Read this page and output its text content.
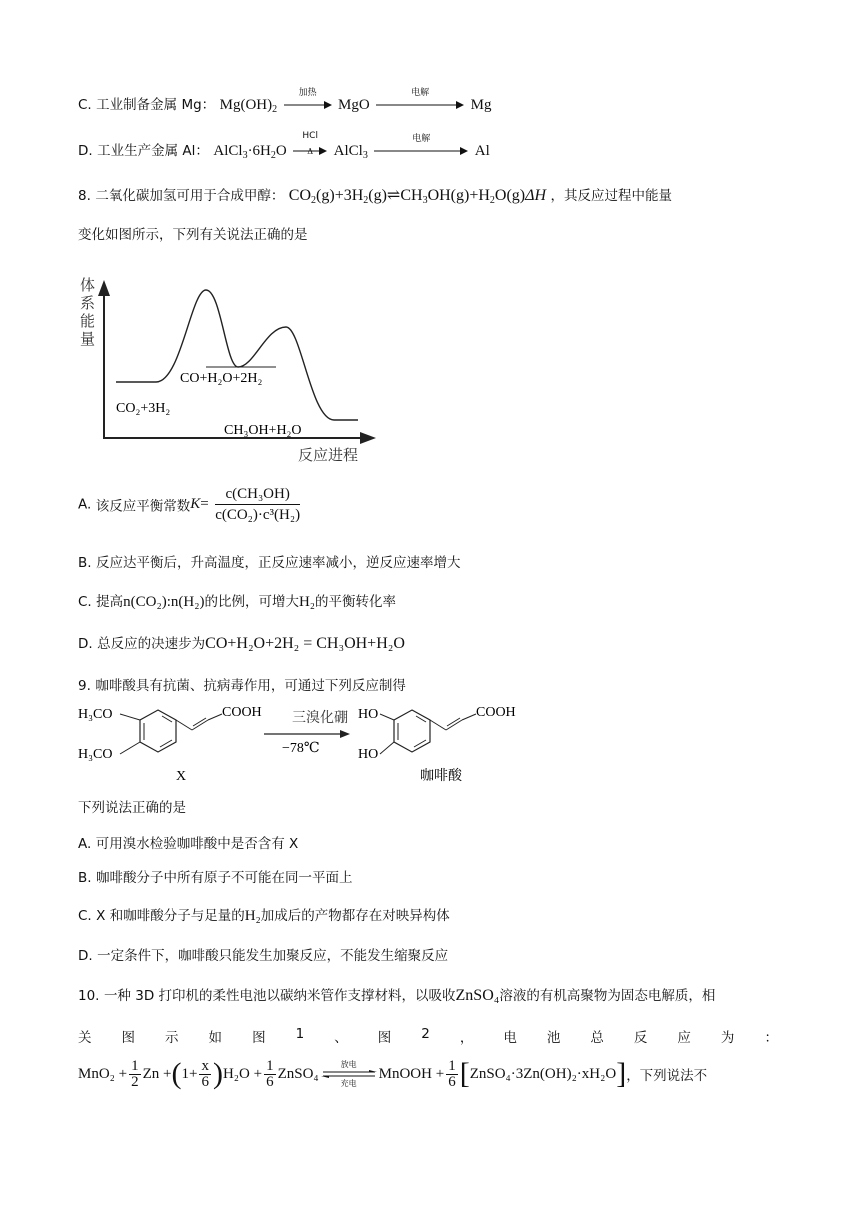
C. 工业制备金属 Mg： $Mg(OH)_2$
加热
MgO
电解
Mg
D. 工业生产金属 Al： $AlCl_3\cdot 6H_2O$
HCl
Δ	AlCl$_3$
电解
Al
8. 二氧化碳加氢可用于合成甲醇： $CO_2(g)+3H_2(g)\rightleftharpoons CH_3OH(g)+H_2O(g)\Delta H$ ，其反应过程中能量
变化如图所示，下列有关说法正确的是
体
系
能
量
CO₂+3H₂
CO+H₂O+2H₂
CH₃OH+H₂O
反应进程
A. 该反应平衡常数$K= \frac{\text{c(CH₃OH)}}{\text{c(CO₂)·c³(H₂)}}$
B. 反应达平衡后，升高温度，正反应速率减小，逆反应速率增大
C. 提高n(CO₂):n(H₂)的比例，可增大H₂的平衡转化率
D. 总反应的决速步为CO+H₂O+2H₂ = CH₃OH+H₂O
9. 咖啡酸具有抗菌、抗病毒作用，可通过下列反应制得
H₃CO
H₃CO
COOH
X
三溴化硼
−78℃
HO
HO
COOH
咖啡酸
下列说法正确的是
A. 可用溴水检验咖啡酸中是否含有 X
B. 咖啡酸分子中所有原子不可能在同一平面上
C. X 和咖啡酸分子与足量的H₂加成后的产物都存在对映异构体
D. 一定条件下，咖啡酸只能发生加聚反应，不能发生缩聚反应
10. 一种 3D 打印机的柔性电池以碳纳米管作支撑材料，以吸收ZnSO₄溶液的有机高聚物为固态电解质，相
关 图 示 如 图 1 、 图 2 ， 电 池 总 反 应 为 ：
$MnO_2 + \frac{1}{2}$ Zn + ( $1+ \frac{x}{6}$ ) $H_2O + \frac{1}{6}$ ZnSO₄
放电
充电
MnOOH + $\frac{1}{6}$ [ ZnSO₄·3Zn(OH)₂·xH₂O ] ，下列说法不
